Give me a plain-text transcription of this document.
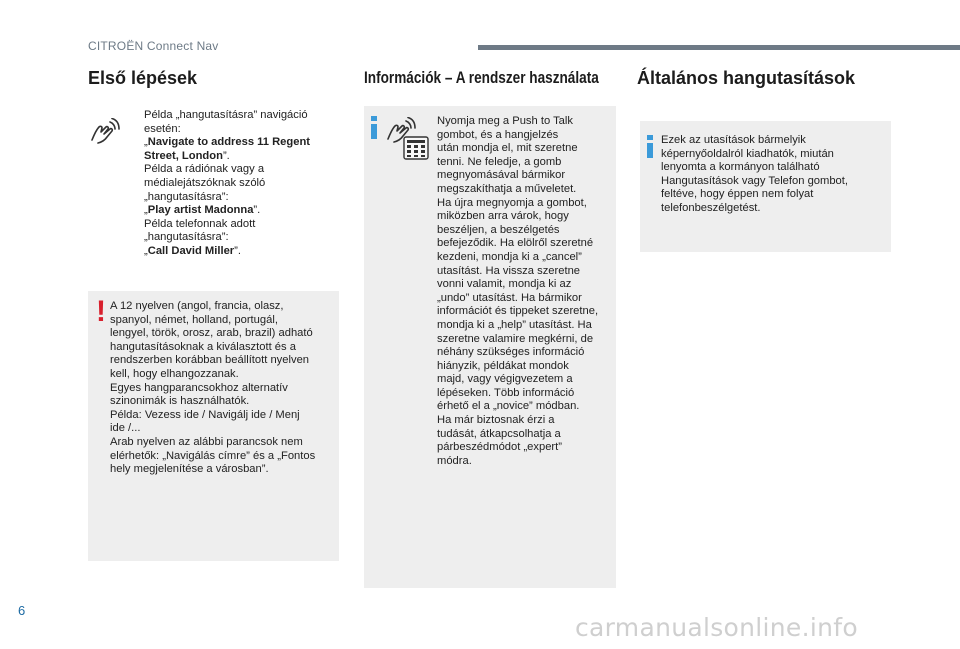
CITROËN Connect Nav
Első lépések	Információk – A rendszer használata Általános hangutasítások
Példa „hangutasításra” navigáció
esetén:
„Navigate to address 11 Regent
Street, London”.
Példa a rádiónak vagy a
médialejátszóknak szóló
„hangutasításra”:
„Play artist Madonna”.
Példa telefonnak adott
„hangutasításra”:
„Call David Miller”.
! A 12 nyelven (angol, francia, olasz,
spanyol, német, holland, portugál,
lengyel, török, orosz, arab, brazil) adható
hangutasításoknak a kiválasztott és a
rendszerben korábban beállított nyelven
kell, hogy elhangozzanak.
Egyes hangparancsokhoz alternatív
szinonimák is használhatók.
Példa: Vezess ide / Navigálj ide / Menj
ide /...
Arab nyelven az alábbi parancsok nem
elérhetők: „Navigálás címre” és a „Fontos
hely megjelenítése a városban”.
Nyomja meg a Push to Talk
gombot, és a hangjelzés
után mondja el, mit szeretne
tenni. Ne feledje, a gomb
megnyomásával bármikor
megszakíthatja a műveletet.
Ha újra megnyomja a gombot,
miközben arra várok, hogy
beszéljen, a beszélgetés
befejeződik. Ha elölről szeretné
kezdeni, mondja ki a „cancel”
utasítást. Ha vissza szeretne
vonni valamit, mondja ki az
„undo” utasítást. Ha bármikor
információt és tippeket szeretne,
mondja ki a „help” utasítást. Ha
szeretne valamire megkérni, de
néhány szükséges információ
hiányzik, példákat mondok
majd, vagy végigvezetem a
lépéseken. Több információ
érhető el a „novice” módban.
Ha már biztosnak érzi a
tudását, átkapcsolhatja a
párbeszédmódot „expert”
módra.
Ezek az utasítások bármelyik
képernyőoldalról kiadhatók, miután
lenyomta a kormányon található
Hangutasítások vagy Telefon gombot,
feltéve, hogy éppen nem folyat
telefonbeszélgetést.
6
carmanualsonline.info
